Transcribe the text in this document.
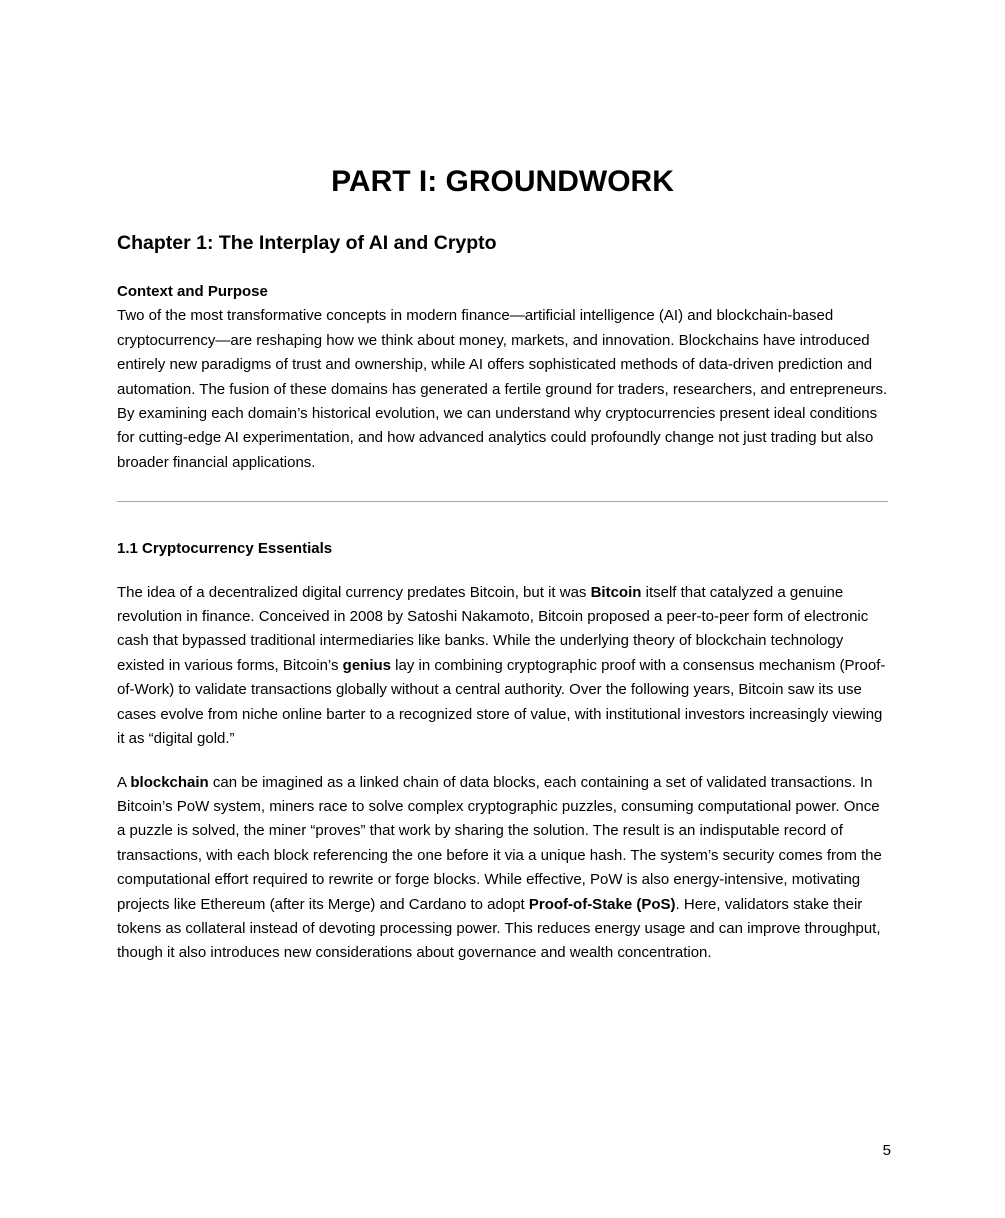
PART I: GROUNDWORK
Chapter 1: The Interplay of AI and Crypto
Context and Purpose

Two of the most transformative concepts in modern finance—artificial intelligence (AI) and blockchain-based cryptocurrency—are reshaping how we think about money, markets, and innovation. Blockchains have introduced entirely new paradigms of trust and ownership, while AI offers sophisticated methods of data-driven prediction and automation. The fusion of these domains has generated a fertile ground for traders, researchers, and entrepreneurs. By examining each domain’s historical evolution, we can understand why cryptocurrencies present ideal conditions for cutting-edge AI experimentation, and how advanced analytics could profoundly change not just trading but also broader financial applications.

1.1 Cryptocurrency Essentials

The idea of a decentralized digital currency predates Bitcoin, but it was Bitcoin itself that catalyzed a genuine revolution in finance. Conceived in 2008 by Satoshi Nakamoto, Bitcoin proposed a peer-to-peer form of electronic cash that bypassed traditional intermediaries like banks. While the underlying theory of blockchain technology existed in various forms, Bitcoin’s genius lay in combining cryptographic proof with a consensus mechanism (Proof-of-Work) to validate transactions globally without a central authority. Over the following years, Bitcoin saw its use cases evolve from niche online barter to a recognized store of value, with institutional investors increasingly viewing it as “digital gold.”

A blockchain can be imagined as a linked chain of data blocks, each containing a set of validated transactions. In Bitcoin’s PoW system, miners race to solve complex cryptographic puzzles, consuming computational power. Once a puzzle is solved, the miner “proves” that work by sharing the solution. The result is an indisputable record of transactions, with each block referencing the one before it via a unique hash. The system’s security comes from the computational effort required to rewrite or forge blocks. While effective, PoW is also energy-intensive, motivating projects like Ethereum (after its Merge) and Cardano to adopt Proof-of-Stake (PoS). Here, validators stake their tokens as collateral instead of devoting processing power. This reduces energy usage and can improve throughput, though it also introduces new considerations about governance and wealth concentration.

5
